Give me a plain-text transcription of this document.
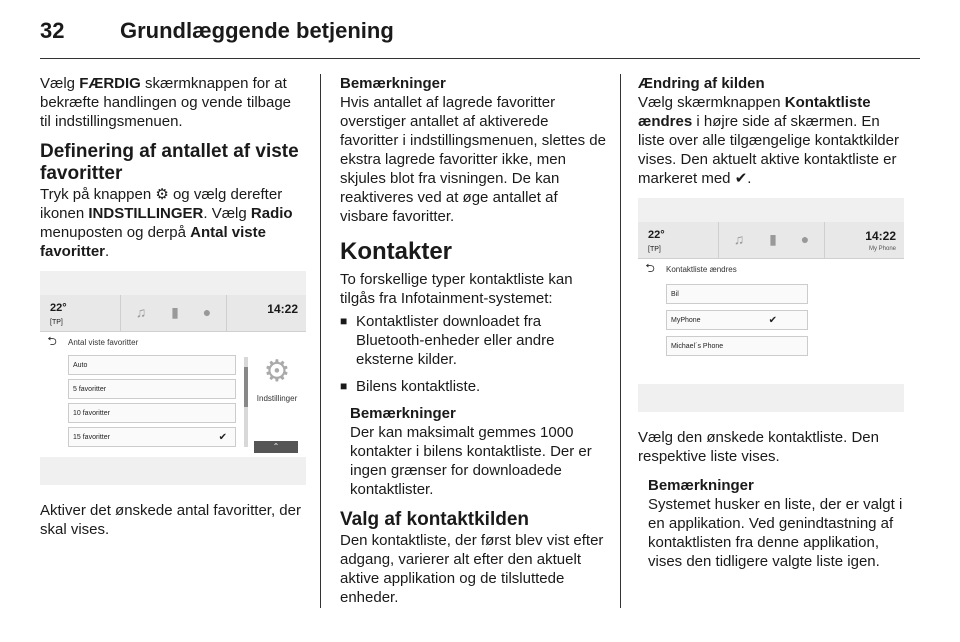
32	Grundlæggende betjening

Vælg FÆRDIG skærmknappen for at bekræfte handlingen og vende tilbage til indstillingsmenuen.

Definering af antallet af viste favoritter

Tryk på knappen ⚙ og vælg derefter ikonen INDSTILLINGER. Vælg Radio menuposten og derpå Antal viste favoritter.

22°
[TP]
♫	▮	●	14:22
⮌	Antal viste favoritter
Auto
5 favoritter
10 favoritter
15 favoritter	✔
⚙
Indstillinger
⌃

Aktiver det ønskede antal favoritter, der skal vises.

Bemærkninger
Hvis antallet af lagrede favoritter overstiger antallet af aktiverede favoritter i indstillingsmenuen, slettes de ekstra lagrede favoritter ikke, men skjules blot fra visningen. De kan reaktiveres ved at øge antallet af visbare favoritter.
Kontakter

To forskellige typer kontaktliste kan tilgås fra Infotainment-systemet:

■ Kontaktlister downloadet fra Bluetooth-enheder eller andre eksterne kilder.
■ Bilens kontaktliste.
Bemærkninger
Der kan maksimalt gemmes 1000 kontakter i bilens kontaktliste. Der er ingen grænser for downloadede kontaktlister.
Valg af kontaktkilden

Den kontaktliste, der først blev vist efter adgang, varierer alt efter den aktuelt aktive applikation og de tilsluttede enheder.

Ændring af kilden

Vælg skærmknappen Kontaktliste ændres i højre side af skærmen. En liste over alle tilgængelige kontaktkilder vises. Den aktuelt aktive kontaktliste er markeret med ✔.

22°
[TP]
♫	▮	●	14:22
My Phone
⮌	Kontaktliste ændres
Bil
MyPhone	✔
Michael´s Phone

Vælg den ønskede kontaktliste. Den respektive liste vises.

Bemærkninger
Systemet husker en liste, der er valgt i en applikation. Ved genindtastning af kontaktlisten fra denne applikation, vises den tidligere valgte liste igen.
